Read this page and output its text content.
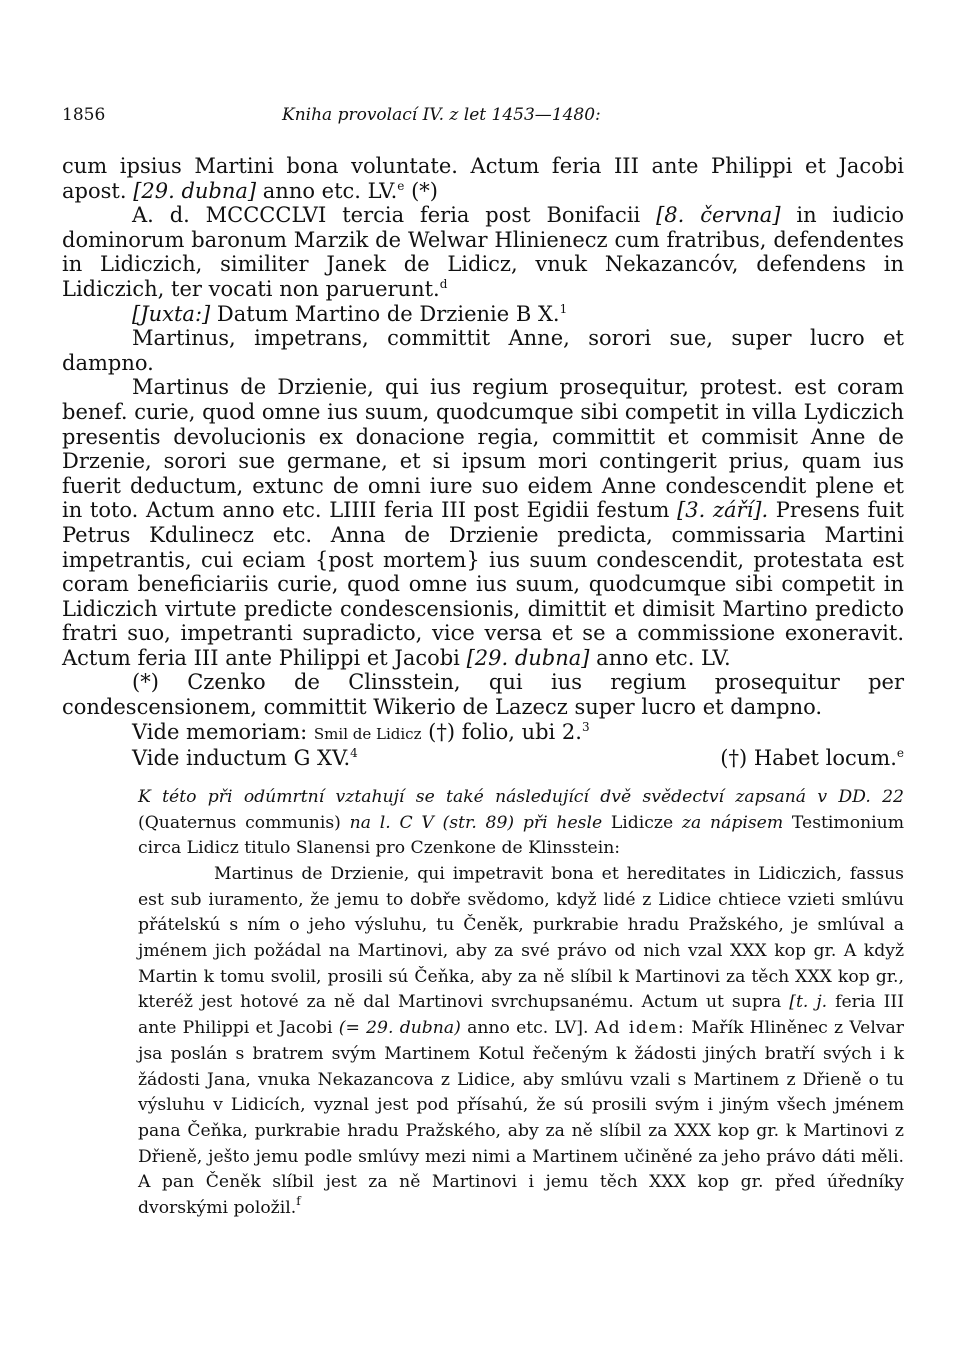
1856	Kniha provolací IV. z let 1453—1480:

cum ipsius Martini bona voluntate. Actum feria III ante Philippi et Jacobi apost. [29. dubna] anno etc. LV.$^e$ (*)

A. d. MCCCCLVI tercia feria post Bonifacii [8. června] in iudicio dominorum baronum Marzik de Welwar Hlinienecz cum fratribus, defendentes in Lidiczich, similiter Janek de Lidicz, vnuk Nekazancóv, defendens in Lidiczich, ter vocati non paruerunt.$^d$

[Juxta:] Datum Martino de Drzienie B X.$^1$

Martinus, impetrans, committit Anne, sorori sue, super lucro et dampno.

Martinus de Drzienie, qui ius regium prosequitur, protest. est coram benef. curie, quod omne ius suum, quodcumque sibi competit in villa Lydiczich presentis devolucionis ex donacione regia, committit et commisit Anne de Drzenie, sorori sue germane, et si ipsum mori contingerit prius, quam ius fuerit deductum, extunc de omni iure suo eidem Anne condescendit plene et in toto. Actum anno etc. LIIII feria III post Egidii festum [3. září]. Presens fuit Petrus Kdulinecz etc. Anna de Drzienie predicta, commissaria Martini impetrantis, cui eciam {post mortem} ius suum condescendit, protestata est coram beneficiariis curie, quod omne ius suum, quodcumque sibi competit in Lidiczich virtute predicte condescensionis, dimittit et dimisit Martino predicto fratri suo, impetranti supradicto, vice versa et se a commissione exoneravit. Actum feria III ante Philippi et Jacobi [29. dubna] anno etc. LV.

(*) Czenko de Clinsstein, qui ius regium prosequitur per condescensionem, committit Wikerio de Lazecz super lucro et dampno.

Vide memoriam: Smil de Lidicz (†) folio, ubi 2.$^3$

Vide inductum G XV.$^4$	(†) Habet locum.$^e$

K této při odúmrtní vztahují se také následující dvě svědectví zapsaná v DD. 22 (Quaternus communis) na l. C V (str. 89) při hesle Lidicze za nápisem Testimonium circa Lidicz titulo Slanensi pro Czenkone de Klinsstein:

Martinus de Drzienie, qui impetravit bona et hereditates in Lidiczich, fassus est sub iuramento, že jemu to dobře svědomo, když lidé z Lidice chtiece vzieti smlúvu přátelskú s ním o jeho výsluhu, tu Čeněk, purkrabie hradu Pražského, je smlúval a jménem jich požádal na Martinovi, aby za své právo od nich vzal XXX kop gr. A když Martin k tomu svolil, prosili sú Čeňka, aby za ně slíbil k Martinovi za těch XXX kop gr., kteréž jest hotové za ně dal Martinovi svrchupsanému. Actum ut supra [t. j. feria III ante Philippi et Jacobi (= 29. dubna) anno etc. LV]. Ad idem: Mařík Hliněnec z Velvar jsa poslán s bratrem svým Martinem Kotul řečeným k žádosti jiných bratří svých i k žádosti Jana, vnuka Nekazancova z Lidice, aby smlúvu vzali s Martinem z Dřieně o tu výsluhu v Lidicích, vyznal jest pod přísahú, že sú prosili svým i jiným všech jménem pana Čeňka, purkrabie hradu Pražského, aby za ně slíbil za XXX kop gr. k Martinovi z Dřieně, ješto jemu podle smlúvy mezi nimi a Martinem učiněné za jeho právo dáti měli. A pan Čeněk slíbil jest za ně Martinovi i jemu těch XXX kop gr. před úředníky dvorskými položil.$^f$
